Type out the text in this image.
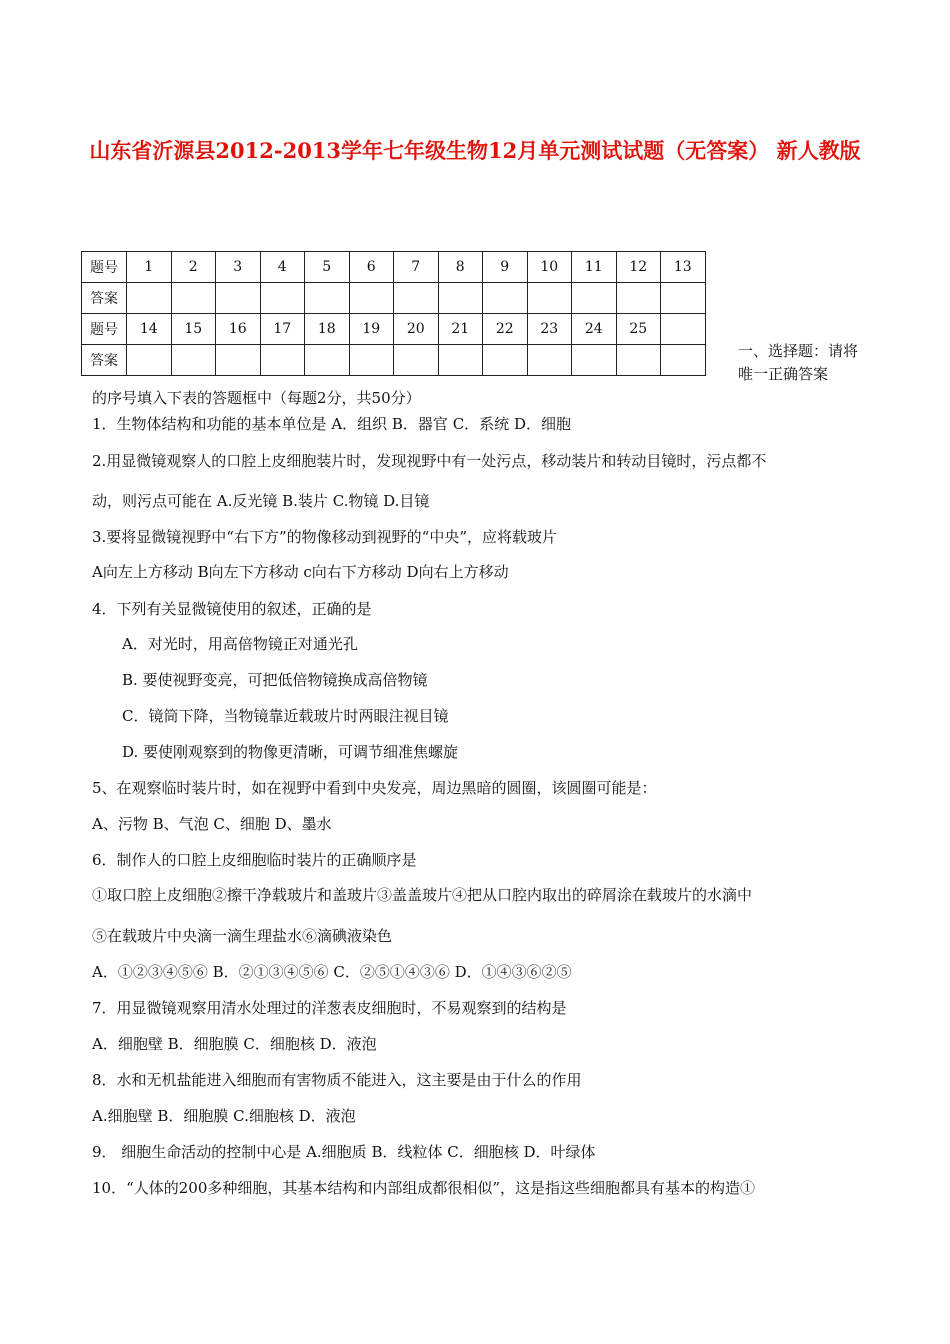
山东省沂源县2012-2013学年七年级生物12月单元测试试题（无答案） 新人教版
题号	1	2	3	4	5	6	7	8	9	10	11	12	13
答案													
题号	14	15	16	17	18	19	20	21	22	23	24	25	
答案													
一、选择题：请将唯一正确答案
的序号填入下表的答题框中（每题2分，共50分）
1．生物体结构和功能的基本单位是 A．组织 B．器官 C．系统 D．细胞
2.用显微镜观察人的口腔上皮细胞装片时，发现视野中有一处污点，移动装片和转动目镜时，污点都不
动，则污点可能在 A.反光镜 B.装片 C.物镜 D.目镜
3.要将显微镜视野中“右下方”的物像移动到视野的“中央”，应将载玻片
A向左上方移动 B向左下方移动 c向右下方移动 D向右上方移动
4．下列有关显微镜使用的叙述，正确的是
A．对光时，用高倍物镜正对通光孔
B. 要使视野变亮，可把低倍物镜换成高倍物镜
C．镜筒下降，当物镜靠近载玻片时两眼注视目镜
D. 要使刚观察到的物像更清晰，可调节细准焦螺旋
5、在观察临时装片时，如在视野中看到中央发亮，周边黑暗的圆圈，该圆圈可能是：
A、污物 B、气泡 C、细胞 D、墨水
6．制作人的口腔上皮细胞临时装片的正确顺序是
①取口腔上皮细胞②擦干净载玻片和盖玻片③盖盖玻片④把从口腔内取出的碎屑涂在载玻片的水滴中
⑤在载玻片中央滴一滴生理盐水⑥滴碘液染色
A．①②③④⑤⑥ B．②①③④⑤⑥ C．②⑤①④③⑥ D．①④③⑥②⑤
7．用显微镜观察用清水处理过的洋葱表皮细胞时，不易观察到的结构是
A．细胞壁 B．细胞膜 C．细胞核 D．液泡
8．水和无机盐能进入细胞而有害物质不能进入，这主要是由于什么的作用
A.细胞壁 B．细胞膜 C.细胞核 D．液泡
9． 细胞生命活动的控制中心是 A.细胞质 B．线粒体 C．细胞核 D．叶绿体
10．“人体的200多种细胞，其基本结构和内部组成都很相似”，这是指这些细胞都具有基本的构造①
